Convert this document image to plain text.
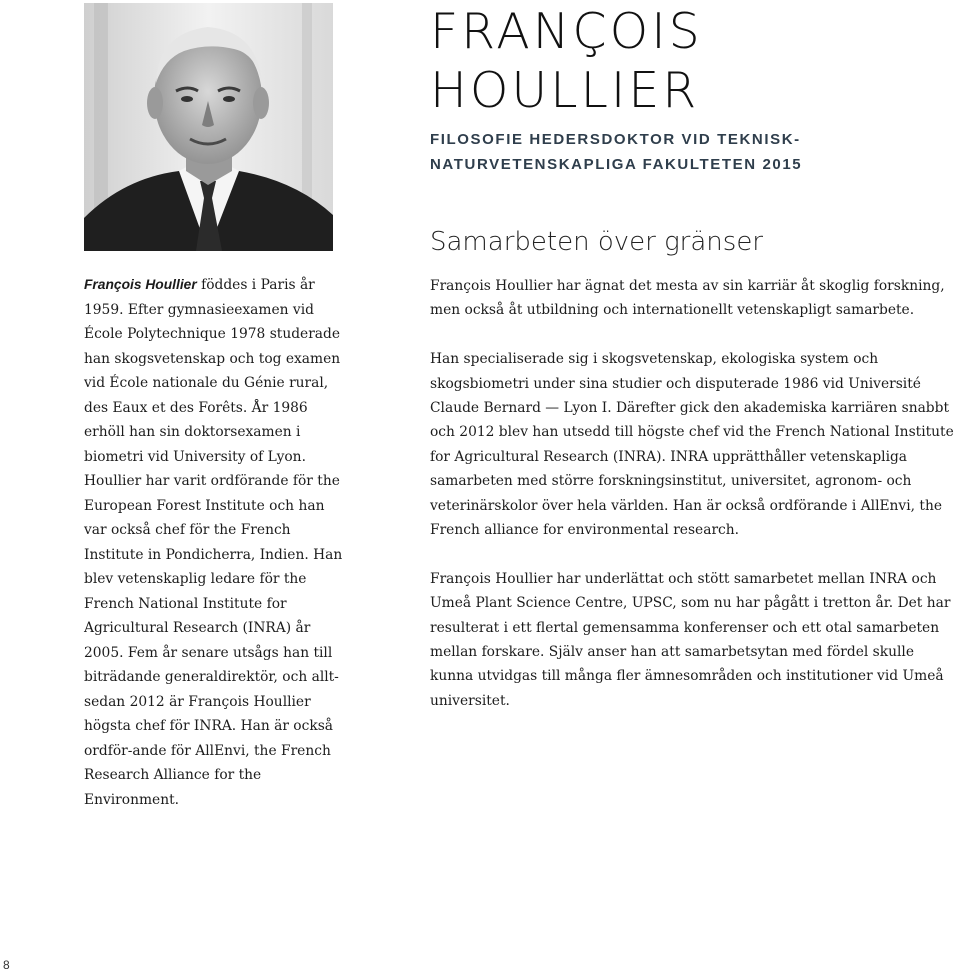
FRANÇOIS HOULLIER
FILOSOFIE HEDERSDOKTOR VID TEKNISK-NATURVETENSKAPLIGA FAKULTETEN 2015
Samarbeten över gränser

François Houllier föddes i Paris år 1959. Efter gymnasieexamen vid École Polytechnique 1978 studerade han skogsvetenskap och tog examen vid École nationale du Génie rural, des Eaux et des Forêts. År 1986 erhöll han sin doktorsexamen i biometri vid University of Lyon. Houllier har varit ordförande för the European Forest Institute och han var också chef för the French Institute in Pondicherra, Indien. Han blev vetenskaplig ledare för the French National Institute for Agricultural Research (INRA) år 2005. Fem år senare utsågs han till biträdande generaldirektör, och allt-sedan 2012 är François Houllier högsta chef för INRA. Han är också ordför-ande för AllEnvi, the French Research Alliance for the Environment.

François Houllier har ägnat det mesta av sin karriär åt skoglig forskning, men också åt utbildning och internationellt vetenskapligt samarbete.

Han specialiserade sig i skogsvetenskap, ekologiska system och skogsbiometri under sina studier och disputerade 1986 vid Université Claude Bernard — Lyon I. Därefter gick den akademiska karriären snabbt och 2012 blev han utsedd till högste chef vid the French National Institute for Agricultural Research (INRA). INRA upprätthåller vetenskapliga samarbeten med större forskningsinstitut, universitet, agronom- och veterinärskolor över hela världen. Han är också ordförande i AllEnvi, the French alliance for environmental research.

François Houllier har underlättat och stött samarbetet mellan INRA och Umeå Plant Science Centre, UPSC, som nu har pågått i tretton år. Det har resulterat i ett flertal gemensamma konferenser och ett otal samarbeten mellan forskare. Själv anser han att samarbetsytan med fördel skulle kunna utvidgas till många fler ämnesområden och institutioner vid Umeå universitet.

8
